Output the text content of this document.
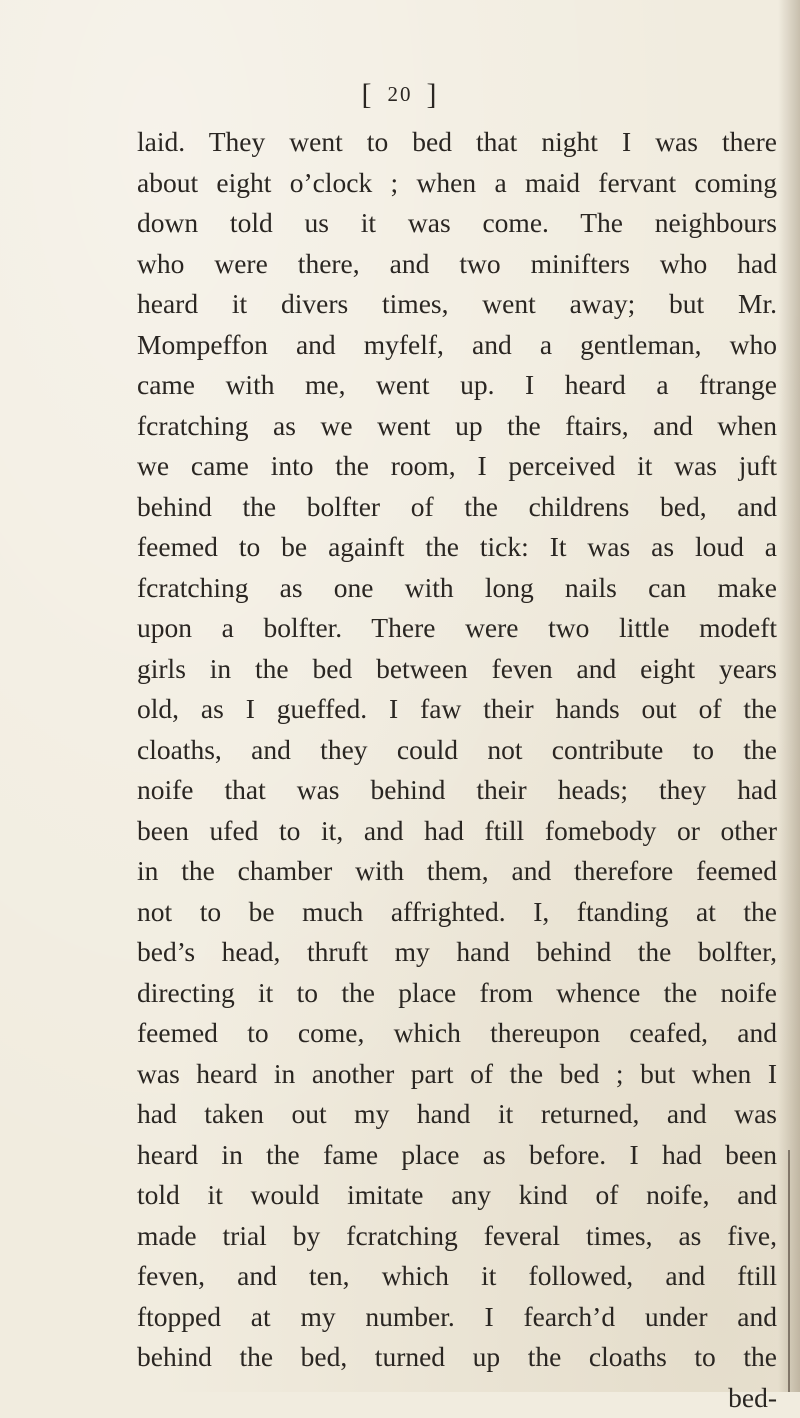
[ 20 ]
laid. They went to bed that night I was there
about eight o’clock ; when a maid fervant coming
down told us it was come. The neighbours
who were there, and two minifters who had
heard it divers times, went away; but Mr.
Mompeffon and myfelf, and a gentleman, who
came with me, went up. I heard a ftrange
fcratching as we went up the ftairs, and when
we came into the room, I perceived it was juft
behind the bolfter of the childrens bed, and
feemed to be againft the tick: It was as loud a
fcratching as one with long nails can make
upon a bolfter. There were two little modeft
girls in the bed between feven and eight years
old, as I gueffed. I faw their hands out of the
cloaths, and they could not contribute to the
noife that was behind their heads; they had
been ufed to it, and had ftill fomebody or other
in the chamber with them, and therefore feemed
not to be much affrighted. I, ftanding at the
bed’s head, thruft my hand behind the bolfter,
directing it to the place from whence the noife
feemed to come, which thereupon ceafed, and
was heard in another part of the bed ; but when I
had taken out my hand it returned, and was
heard in the fame place as before. I had been
told it would imitate any kind of noife, and
made trial by fcratching feveral times, as five,
feven, and ten, which it followed, and ftill
ftopped at my number. I fearch’d under and
behind the bed, turned up the cloaths to the
bed-
